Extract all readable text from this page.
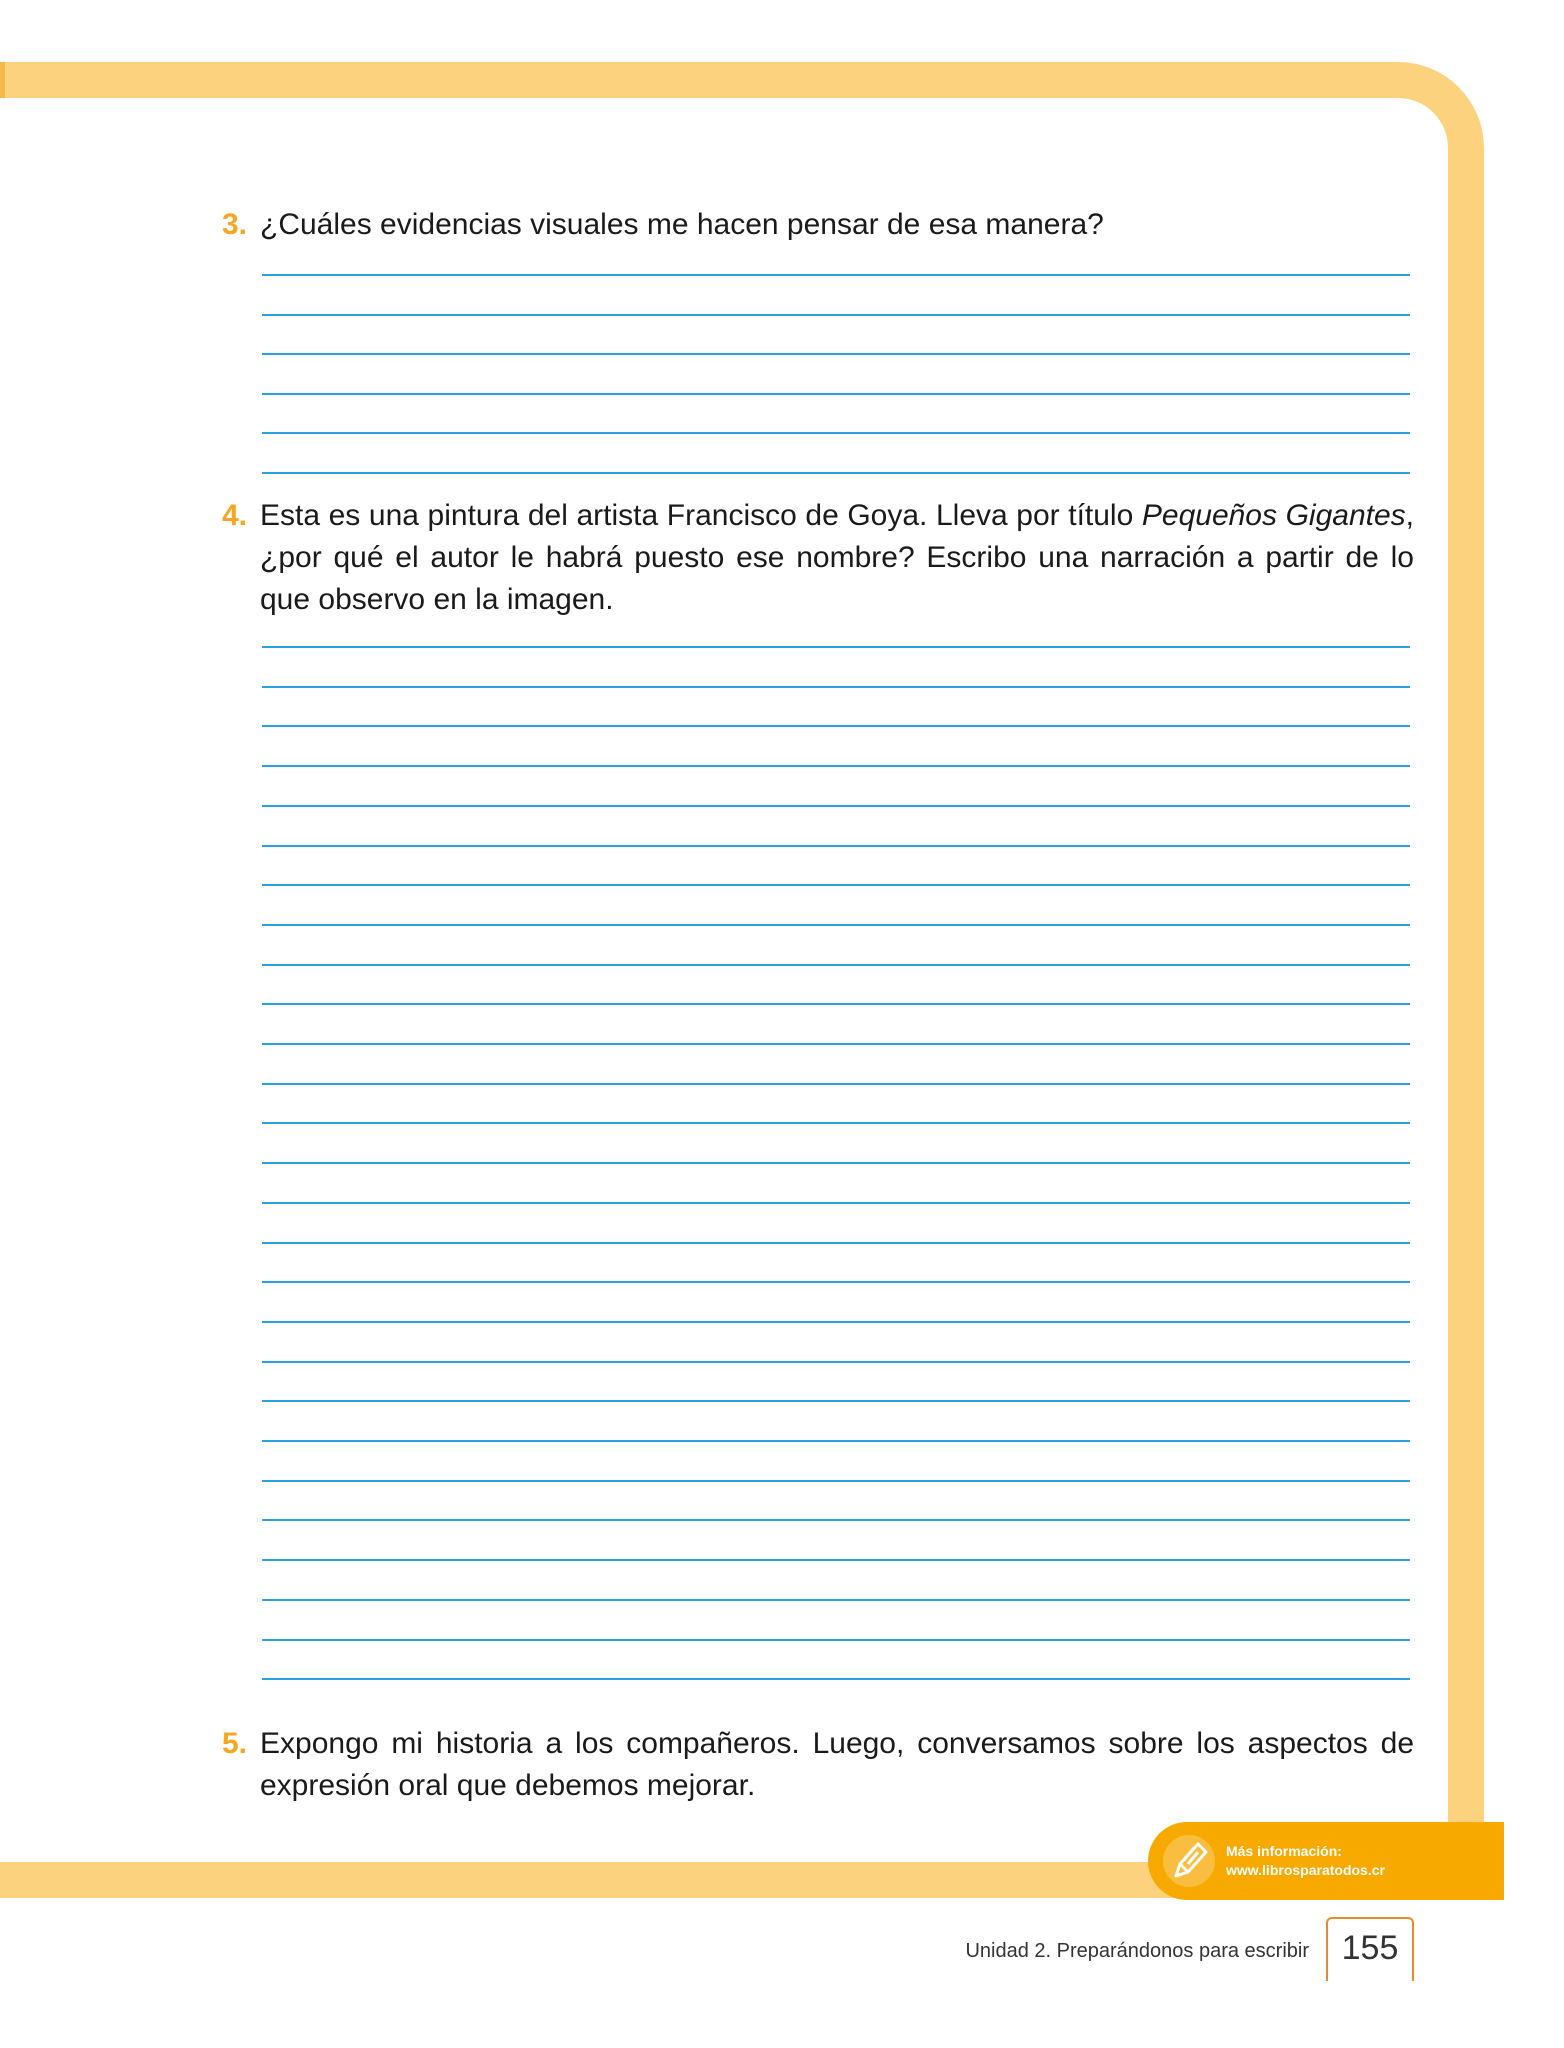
3. ¿Cuáles evidencias visuales me hacen pensar de esa manera?
4. Esta es una pintura del artista Francisco de Goya. Lleva por título Pequeños Gigantes, ¿por qué el autor le habrá puesto ese nombre? Escribo una narración a partir de lo que observo en la imagen.
5. Expongo mi historia a los compañeros. Luego, conversamos sobre los aspectos de expresión oral que debemos mejorar.
Más información:
www.librosparatodos.cr
Unidad 2. Preparándonos para escribir 155
